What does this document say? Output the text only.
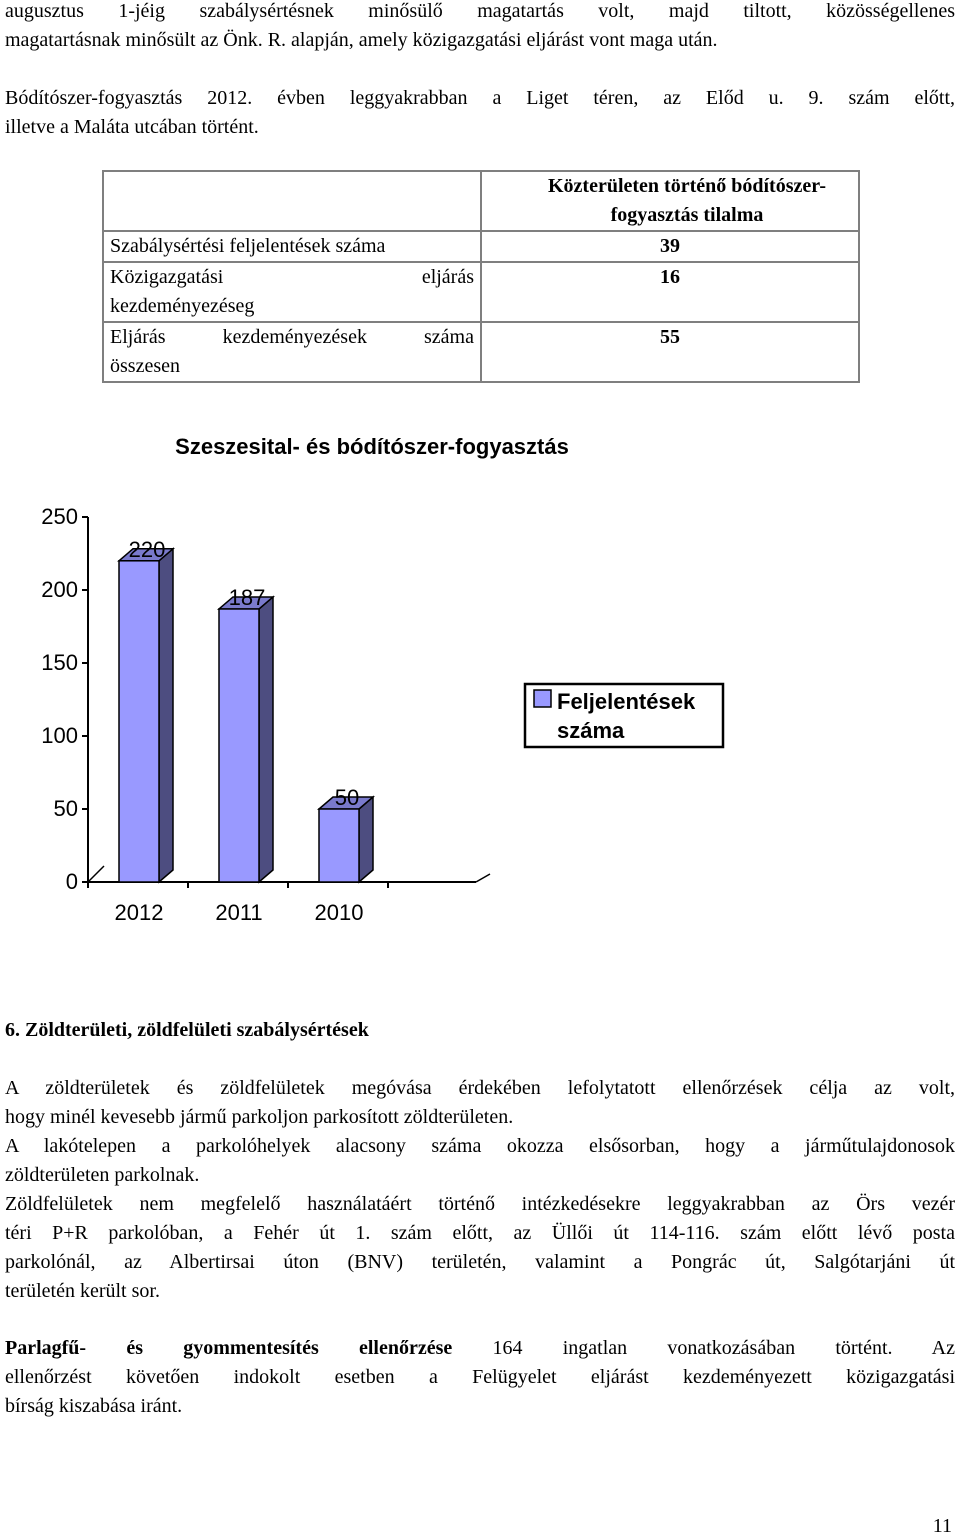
augusztus 1-jéig szabálysértésnek minősülő magatartás volt, majd tiltott, közösségellenes
magatartásnak minősült az Önk. R. alapján, amely közigazgatási eljárást vont maga után.
Bódítószer-fogyasztás 2012. évben leggyakrabban a Liget téren, az Előd u. 9. szám előtt,
illetve a Maláta utcában történt.

	Közterületen történő bódítószer-
fogyasztás tilalma

Szabálysértési feljelentések száma	39

Közigazgatási eljárás
kezdeményezéseg	16

Eljárás kezdeményezések száma
összesen	55
Szeszesital- és bódítószer-fogyasztás
0
50
100
150
200
250
220
2012
187
2011
50
2010
Feljelentések
száma
6. Zöldterületi, zöldfelületi szabálysértések
A zöldterületek és zöldfelületek megóvása érdekében lefolytatott ellenőrzések célja az volt,
hogy minél kevesebb jármű parkoljon parkosított zöldterületen.
A lakótelepen a parkolóhelyek alacsony száma okozza elsősorban, hogy a járműtulajdonosok
zöldterületen parkolnak.
Zöldfelületek nem megfelelő használatáért történő intézkedésekre leggyakrabban az Örs vezér
téri P+R parkolóban, a Fehér út 1. szám előtt, az Üllői út 114-116. szám előtt lévő posta
parkolónál, az Albertirsai úton (BNV) területén, valamint a Pongrác út, Salgótarjáni út
területén került sor.
Parlagfű- és gyommentesítés ellenőrzése 164 ingatlan vonatkozásában történt. Az
ellenőrzést követően indokolt esetben a Felügyelet eljárást kezdeményezett közigazgatási
bírság kiszabása iránt.
11
